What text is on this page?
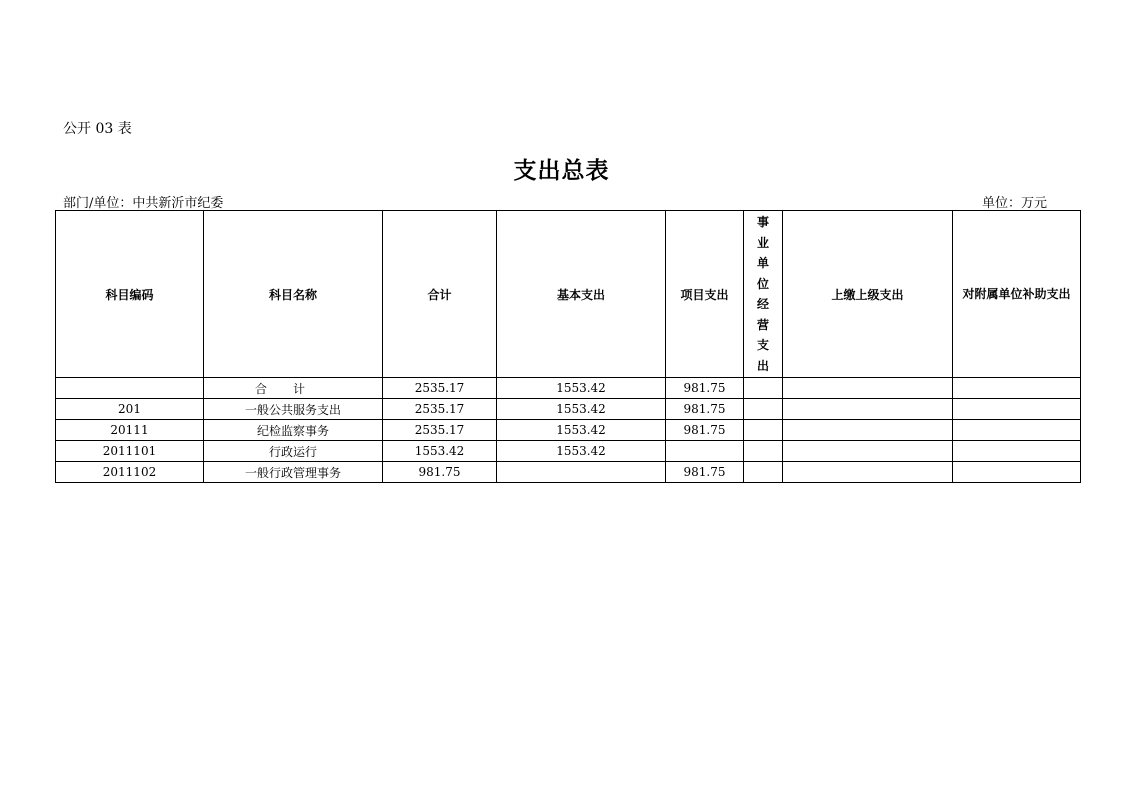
公开 03 表
支出总表
部门/单位：中共新沂市纪委	单位：万元
科目编码	科目名称	合计	基本支出	项目支出	事业单位经营支出	上缴上级支出	对附属单位补助支出
	合计	2535.17	1553.42	981.75			
201	一般公共服务支出	2535.17	1553.42	981.75			
20111	纪检监察事务	2535.17	1553.42	981.75			
2011101	行政运行	1553.42	1553.42				
2011102	一般行政管理事务	981.75		981.75			
